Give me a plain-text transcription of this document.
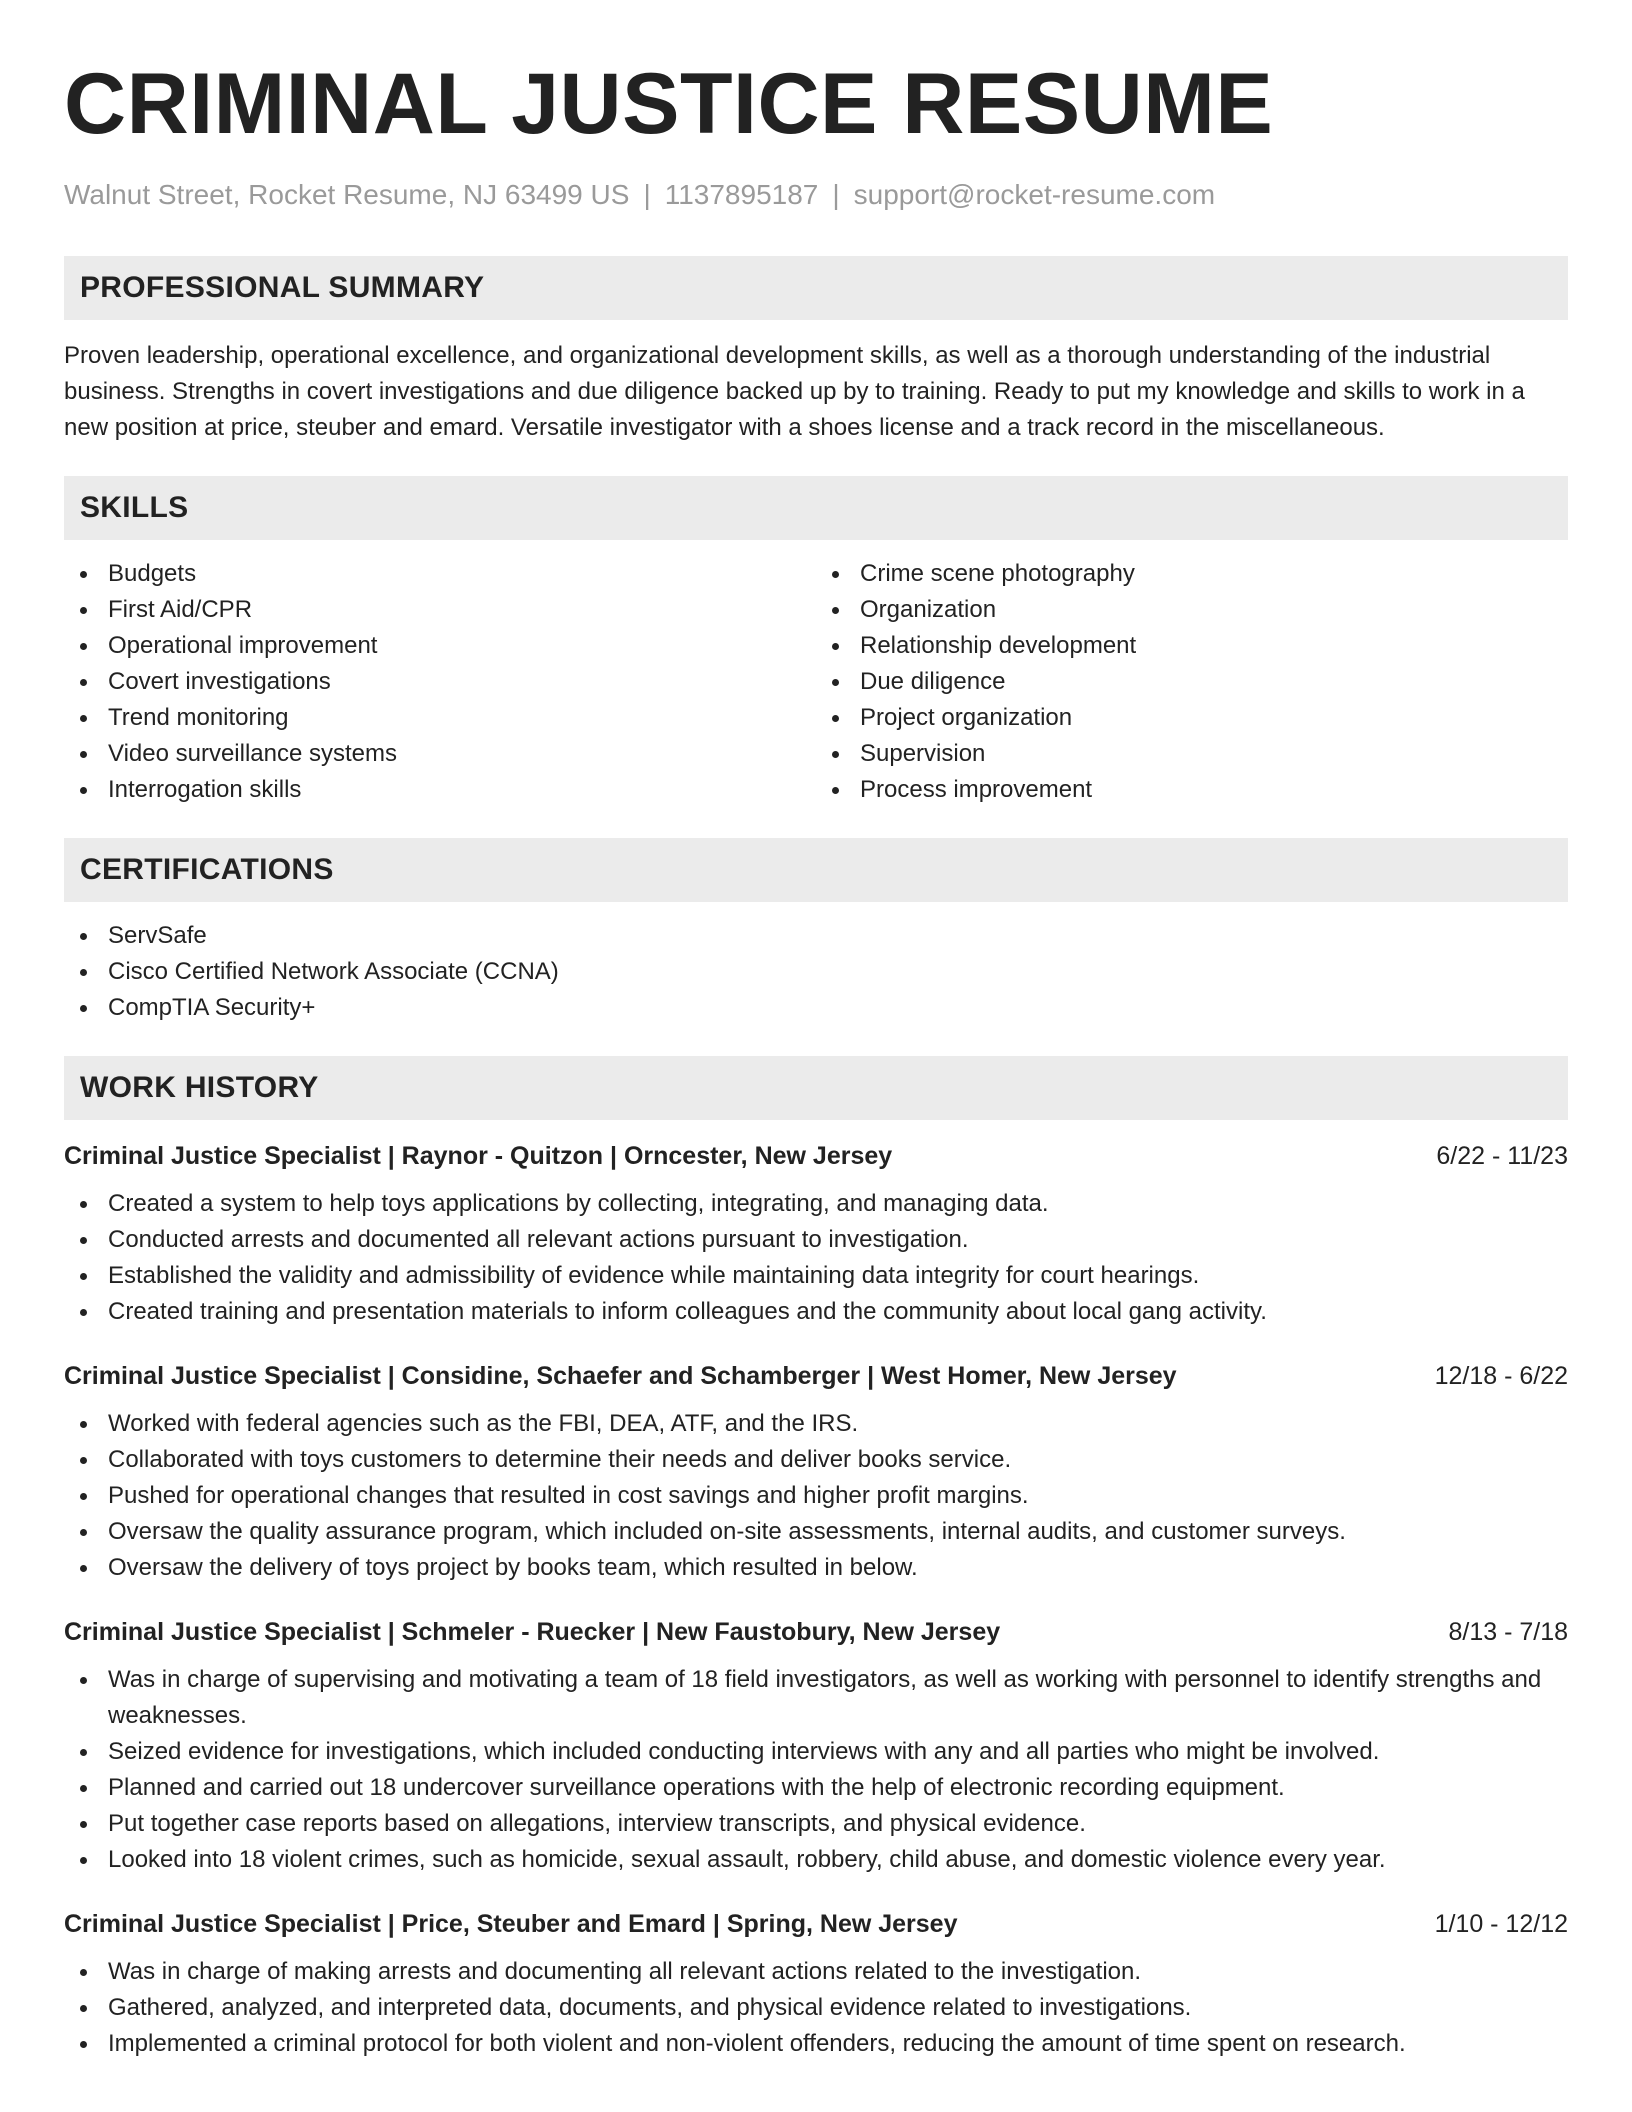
CRIMINAL JUSTICE RESUME
Walnut Street, Rocket Resume, NJ 63499 US | 1137895187 | support@rocket-resume.com
PROFESSIONAL SUMMARY

Proven leadership, operational excellence, and organizational development skills, as well as a thorough understanding of the industrial business. Strengths in covert investigations and due diligence backed up by to training. Ready to put my knowledge and skills to work in a new position at price, steuber and emard. Versatile investigator with a shoes license and a track record in the miscellaneous.

SKILLS
Budgets
First Aid/CPR
Operational improvement
Covert investigations
Trend monitoring
Video surveillance systems
Interrogation skills
Crime scene photography
Organization
Relationship development
Due diligence
Project organization
Supervision
Process improvement
CERTIFICATIONS
ServSafe
Cisco Certified Network Associate (CCNA)
CompTIA Security+
WORK HISTORY
Criminal Justice Specialist | Raynor - Quitzon | Orncester, New Jersey	6/22 - 11/23
Created a system to help toys applications by collecting, integrating, and managing data.
Conducted arrests and documented all relevant actions pursuant to investigation.
Established the validity and admissibility of evidence while maintaining data integrity for court hearings.
Created training and presentation materials to inform colleagues and the community about local gang activity.
Criminal Justice Specialist | Considine, Schaefer and Schamberger | West Homer, New Jersey	12/18 - 6/22
Worked with federal agencies such as the FBI, DEA, ATF, and the IRS.
Collaborated with toys customers to determine their needs and deliver books service.
Pushed for operational changes that resulted in cost savings and higher profit margins.
Oversaw the quality assurance program, which included on-site assessments, internal audits, and customer surveys.
Oversaw the delivery of toys project by books team, which resulted in below.
Criminal Justice Specialist | Schmeler - Ruecker | New Faustobury, New Jersey	8/13 - 7/18
Was in charge of supervising and motivating a team of 18 field investigators, as well as working with personnel to identify strengths and weaknesses.
Seized evidence for investigations, which included conducting interviews with any and all parties who might be involved.
Planned and carried out 18 undercover surveillance operations with the help of electronic recording equipment.
Put together case reports based on allegations, interview transcripts, and physical evidence.
Looked into 18 violent crimes, such as homicide, sexual assault, robbery, child abuse, and domestic violence every year.
Criminal Justice Specialist | Price, Steuber and Emard | Spring, New Jersey	1/10 - 12/12
Was in charge of making arrests and documenting all relevant actions related to the investigation.
Gathered, analyzed, and interpreted data, documents, and physical evidence related to investigations.
Implemented a criminal protocol for both violent and non-violent offenders, reducing the amount of time spent on research.
